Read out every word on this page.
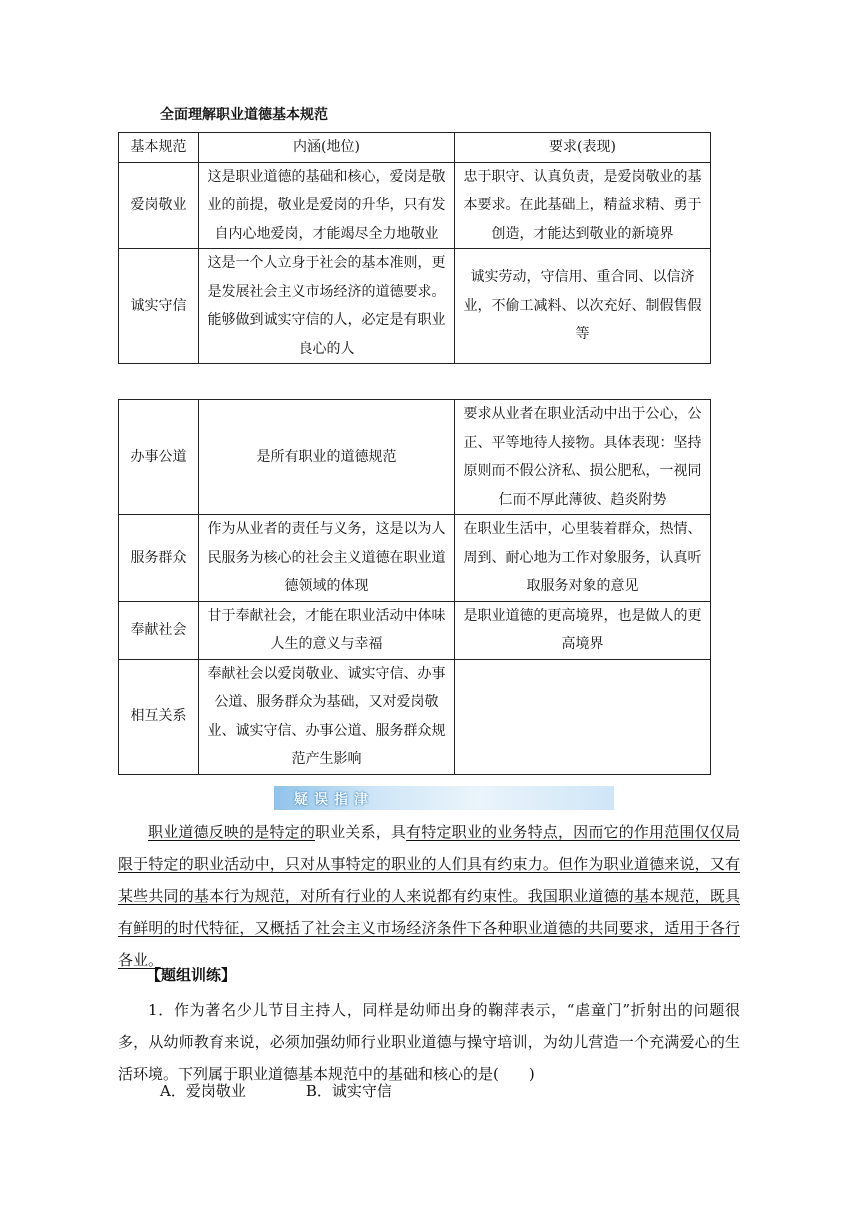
全面理解职业道德基本规范
基本规范	内涵(地位)	要求(表现)
爱岗敬业	这是职业道德的基础和核心，爱岗是敬业的前提，敬业是爱岗的升华，只有发自内心地爱岗，才能竭尽全力地敬业	忠于职守、认真负责，是爱岗敬业的基本要求。在此基础上，精益求精、勇于创造，才能达到敬业的新境界
诚实守信	这是一个人立身于社会的基本准则，更是发展社会主义市场经济的道德要求。能够做到诚实守信的人，必定是有职业良心的人	诚实劳动，守信用、重合同、以信济业，不偷工减料、以次充好、制假售假等
办事公道	是所有职业的道德规范	要求从业者在职业活动中出于公心，公正、平等地待人接物。具体表现：坚持原则而不假公济私、损公肥私，一视同仁而不厚此薄彼、趋炎附势
服务群众	作为从业者的责任与义务，这是以为人民服务为核心的社会主义道德在职业道德领域的体现	在职业生活中，心里装着群众，热情、周到、耐心地为工作对象服务，认真听取服务对象的意见
奉献社会	甘于奉献社会，才能在职业活动中体味人生的意义与幸福	是职业道德的更高境界，也是做人的更高境界
相互关系	奉献社会以爱岗敬业、诚实守信、办事公道、服务群众为基础，又对爱岗敬业、诚实守信、办事公道、服务群众规范产生影响	
疑误指津
职业道德反映的是特定的职业关系，具有特定职业的业务特点，因而它的作用范围仅仅局限于特定的职业活动中，只对从事特定的职业的人们具有约束力。但作为职业道德来说，又有某些共同的基本行为规范，对所有行业的人来说都有约束性。我国职业道德的基本规范，既具有鲜明的时代特征，又概括了社会主义市场经济条件下各种职业道德的共同要求，适用于各行各业。
【题组训练】
1．作为著名少儿节目主持人，同样是幼师出身的鞠萍表示，“虐童门”折射出的问题很多，从幼师教育来说，必须加强幼师行业职业道德与操守培训，为幼儿营造一个充满爱心的生活环境。下列属于职业道德基本规范中的基础和核心的是(　　)
A．爱岗敬业	B．诚实守信
